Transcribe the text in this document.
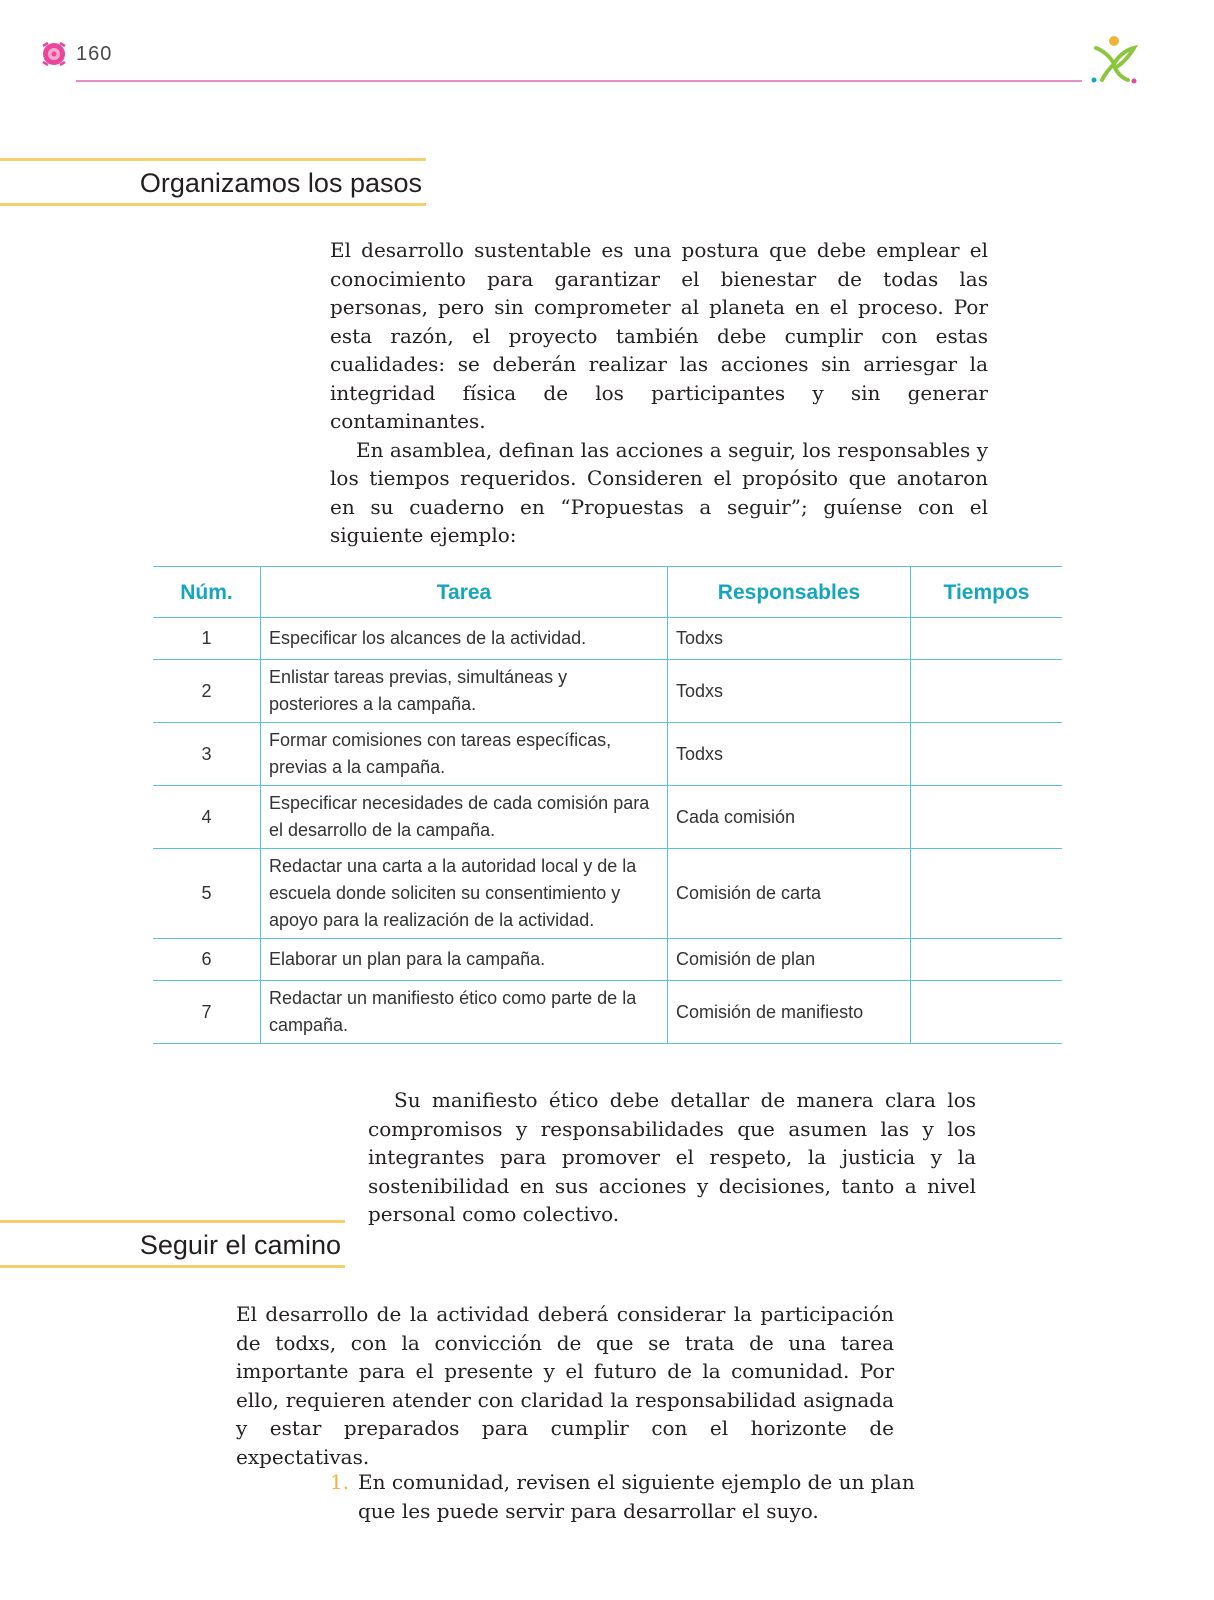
160
Organizamos los pasos

El desarrollo sustentable es una postura que debe emplear el conocimiento para garantizar el bienestar de todas las personas, pero sin comprometer al planeta en el proceso. Por esta razón, el proyecto también debe cumplir con estas cualidades: se deberán realizar las acciones sin arriesgar la integridad física de los participantes y sin generar contaminantes.

En asamblea, definan las acciones a seguir, los responsables y los tiempos requeridos. Consideren el propósito que anotaron en su cuaderno en “Propuestas a seguir”; guíense con el siguiente ejemplo:

Núm.	Tarea	Responsables	Tiempos
1	Especificar los alcances de la actividad.	Todxs	
2	Enlistar tareas previas, simultáneas y posteriores a la campaña.	Todxs	
3	Formar comisiones con tareas específicas, previas a la campaña.	Todxs	
4	Especificar necesidades de cada comisión para el desarrollo de la campaña.	Cada comisión	
5	Redactar una carta a la autoridad local y de la escuela donde soliciten su consentimiento y apoyo para la realización de la actividad.	Comisión de carta	
6	Elaborar un plan para la campaña.	Comisión de plan	
7	Redactar un manifiesto ético como parte de la campaña.	Comisión de manifiesto	

Su manifiesto ético debe detallar de manera clara los compromisos y responsabilidades que asumen las y los integrantes para promover el respeto, la justicia y la sostenibilidad en sus acciones y decisiones, tanto a nivel personal como colectivo.

Seguir el camino

El desarrollo de la actividad deberá considerar la participación de todxs, con la convicción de que se trata de una tarea importante para el presente y el futuro de la comunidad. Por ello, requieren atender con claridad la responsabilidad asignada y estar preparados para cumplir con el horizonte de expectativas.

1. En comunidad, revisen el siguiente ejemplo de un plan que les puede servir para desarrollar el suyo.
